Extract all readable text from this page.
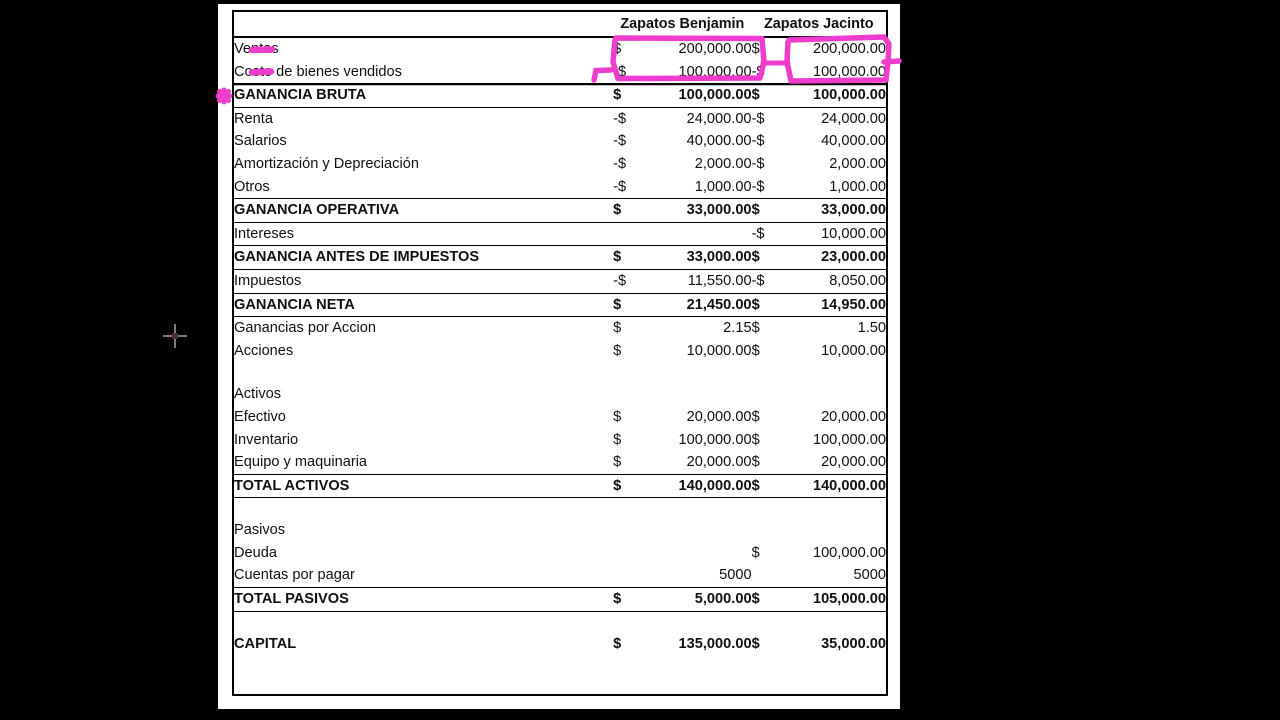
	Zapatos Benjamin		Zapatos Jacinto	
Ventas	$	200,000.00	$	200,000.00
Costo de bienes vendidos	-$	100,000.00	-$	100,000.00
GANANCIA BRUTA	$	100,000.00	$	100,000.00
Renta	-$	24,000.00	-$	24,000.00
Salarios	-$	40,000.00	-$	40,000.00
Amortización y Depreciación	-$	2,000.00	-$	2,000.00
Otros	-$	1,000.00	-$	1,000.00
GANANCIA OPERATIVA	$	33,000.00	$	33,000.00
Intereses			-$	10,000.00
GANANCIA ANTES DE IMPUESTOS	$	33,000.00	$	23,000.00
Impuestos	-$	11,550.00	-$	8,050.00
GANANCIA NETA	$	21,450.00	$	14,950.00
Ganancias por Accion	$	2.15	$	1.50
Acciones	$	10,000.00	$	10,000.00

Activos				
Efectivo	$	20,000.00	$	20,000.00
Inventario	$	100,000.00	$	100,000.00
Equipo y maquinaria	$	20,000.00	$	20,000.00
TOTAL ACTIVOS	$	140,000.00	$	140,000.00

Pasivos				
Deuda			$	100,000.00
Cuentas por pagar		5000		5000
TOTAL PASIVOS	$	5,000.00	$	105,000.00

CAPITAL	$	135,000.00	$	35,000.00
